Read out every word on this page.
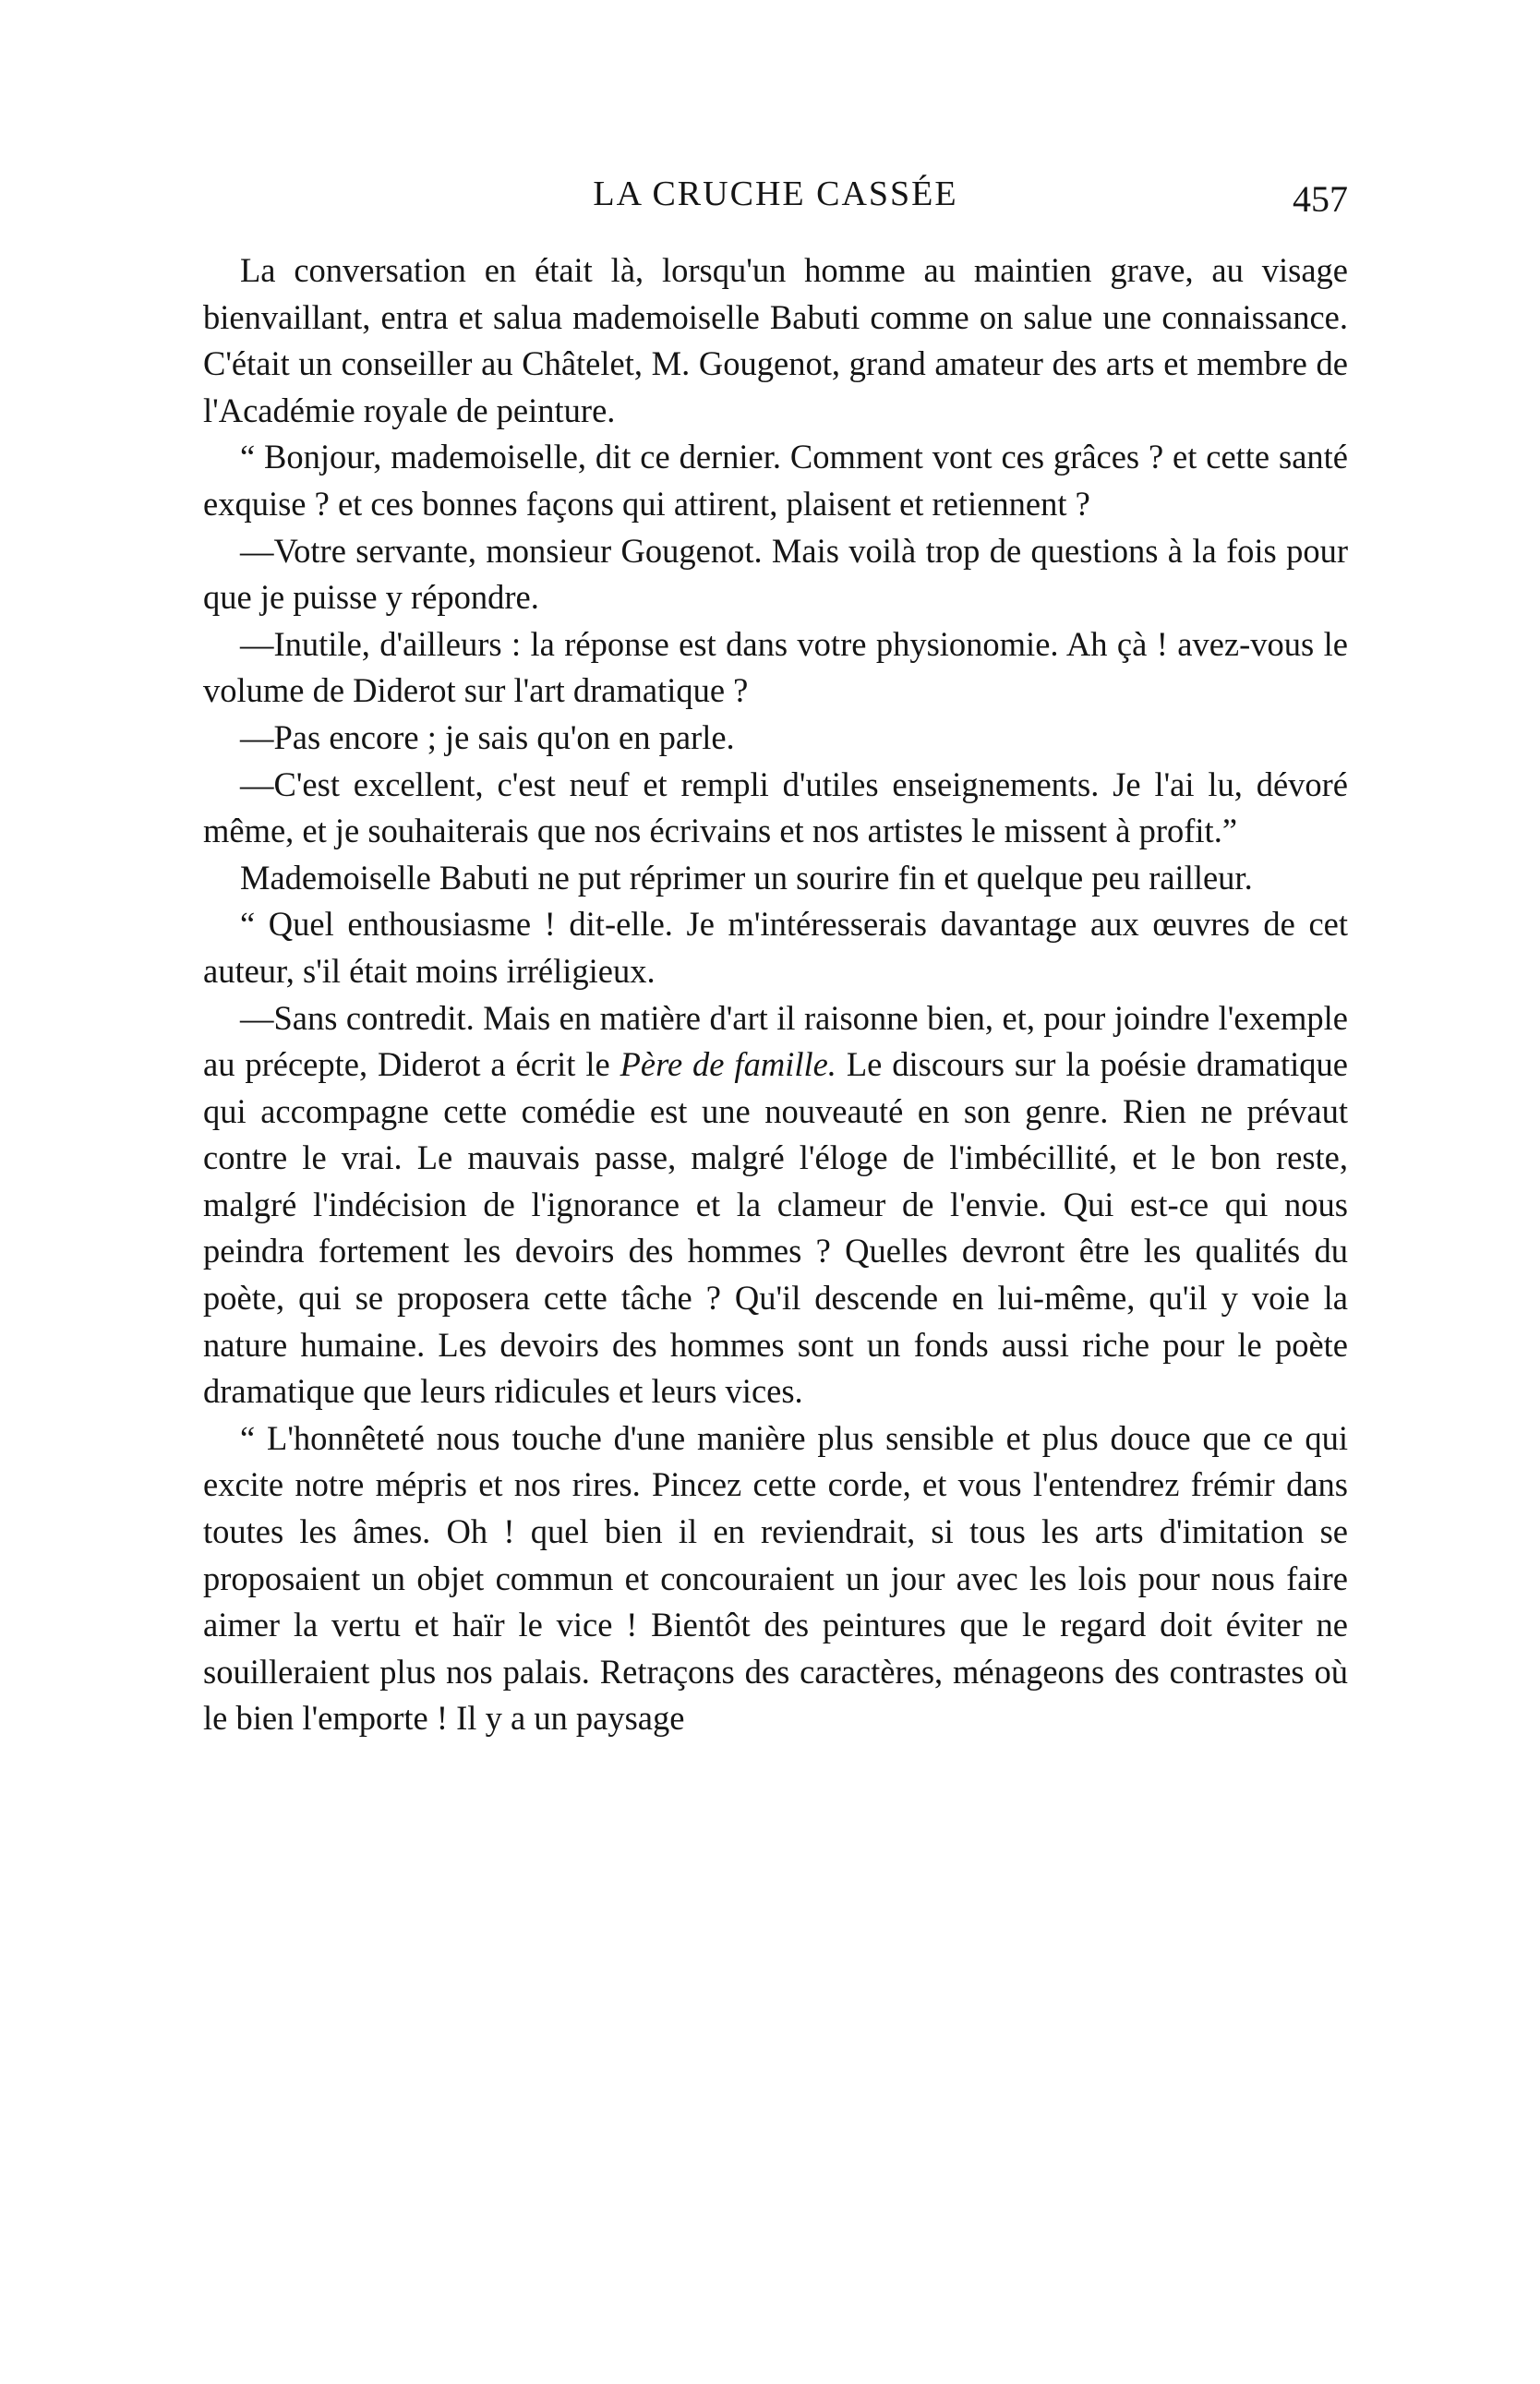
LA CRUCHE CASSÉE	457

La conversation en était là, lorsqu'un homme au maintien grave, au visage bienvaillant, entra et salua mademoiselle Babuti comme on salue une connaissance. C'était un conseiller au Châtelet, M. Gougenot, grand amateur des arts et membre de l'Académie royale de peinture.

“ Bonjour, mademoiselle, dit ce dernier. Comment vont ces grâces ? et cette santé exquise ? et ces bonnes façons qui attirent, plaisent et retiennent ?

—Votre servante, monsieur Gougenot. Mais voilà trop de questions à la fois pour que je puisse y répondre.

—Inutile, d'ailleurs : la réponse est dans votre physionomie. Ah çà ! avez-vous le volume de Diderot sur l'art dramatique ?

—Pas encore ; je sais qu'on en parle.

—C'est excellent, c'est neuf et rempli d'utiles enseignements. Je l'ai lu, dévoré même, et je souhaiterais que nos écrivains et nos artistes le missent à profit.”

Mademoiselle Babuti ne put réprimer un sourire fin et quelque peu railleur.

“ Quel enthousiasme ! dit-elle. Je m'intéresserais davantage aux œuvres de cet auteur, s'il était moins irréligieux.

—Sans contredit. Mais en matière d'art il raisonne bien, et, pour joindre l'exemple au précepte, Diderot a écrit le Père de famille. Le discours sur la poésie dramatique qui accompagne cette comédie est une nouveauté en son genre. Rien ne prévaut contre le vrai. Le mauvais passe, malgré l'éloge de l'imbécillité, et le bon reste, malgré l'indécision de l'ignorance et la clameur de l'envie. Qui est-ce qui nous peindra fortement les devoirs des hommes ? Quelles devront être les qualités du poète, qui se proposera cette tâche ? Qu'il descende en lui-même, qu'il y voie la nature humaine. Les devoirs des hommes sont un fonds aussi riche pour le poète dramatique que leurs ridicules et leurs vices.

“ L'honnêteté nous touche d'une manière plus sensible et plus douce que ce qui excite notre mépris et nos rires. Pincez cette corde, et vous l'entendrez frémir dans toutes les âmes. Oh ! quel bien il en reviendrait, si tous les arts d'imitation se proposaient un objet commun et concouraient un jour avec les lois pour nous faire aimer la vertu et haïr le vice ! Bientôt des peintures que le regard doit éviter ne souilleraient plus nos palais. Retraçons des caractères, ménageons des contrastes où le bien l'emporte ! Il y a un paysage
